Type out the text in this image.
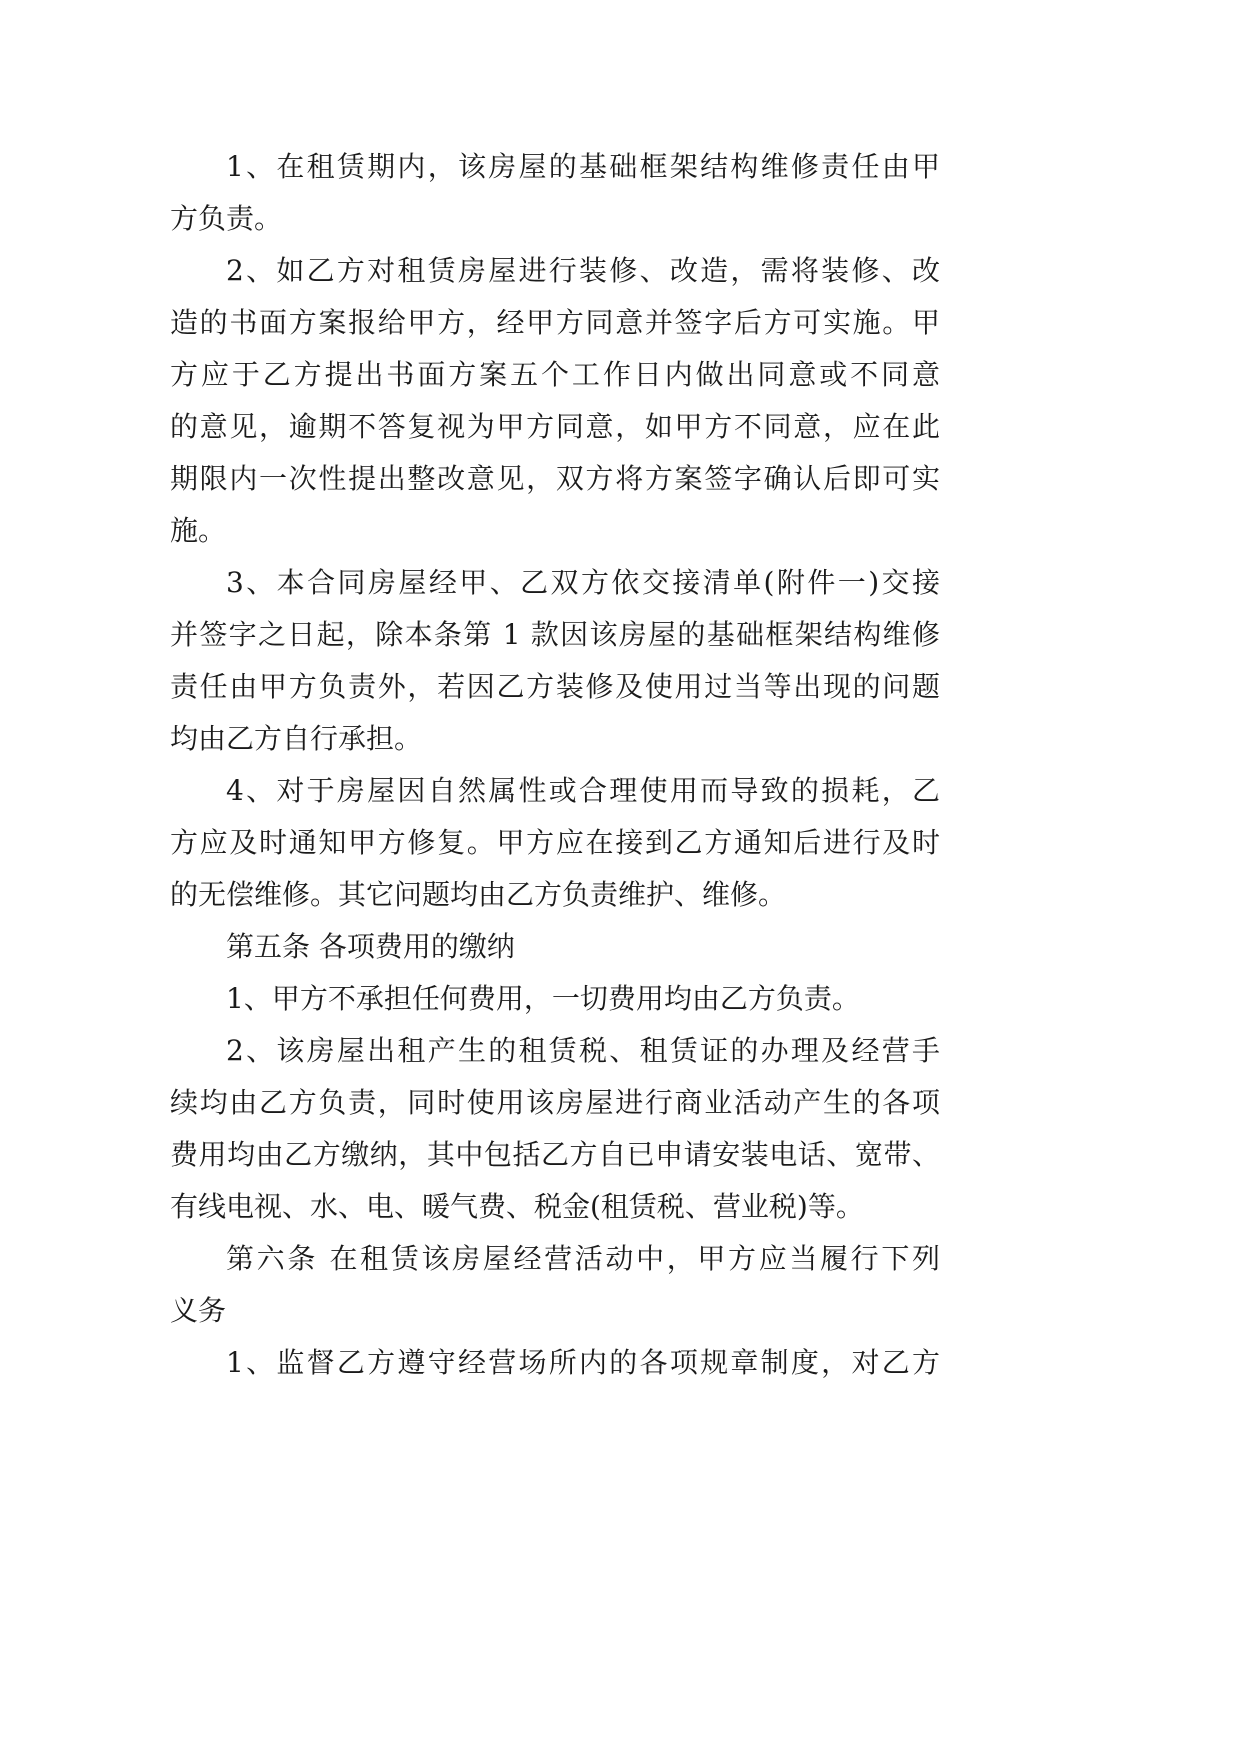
1、在租赁期内，该房屋的基础框架结构维修责任由甲
方负责。
2、如乙方对租赁房屋进行装修、改造，需将装修、改
造的书面方案报给甲方，经甲方同意并签字后方可实施。甲
方应于乙方提出书面方案五个工作日内做出同意或不同意
的意见，逾期不答复视为甲方同意，如甲方不同意，应在此
期限内一次性提出整改意见，双方将方案签字确认后即可实
施。
3、本合同房屋经甲、乙双方依交接清单(附件一)交接
并签字之日起，除本条第 1 款因该房屋的基础框架结构维修
责任由甲方负责外，若因乙方装修及使用过当等出现的问题
均由乙方自行承担。
4、对于房屋因自然属性或合理使用而导致的损耗，乙
方应及时通知甲方修复。甲方应在接到乙方通知后进行及时
的无偿维修。其它问题均由乙方负责维护、维修。
第五条 各项费用的缴纳
1、甲方不承担任何费用，一切费用均由乙方负责。
2、该房屋出租产生的租赁税、租赁证的办理及经营手
续均由乙方负责，同时使用该房屋进行商业活动产生的各项
费用均由乙方缴纳，其中包括乙方自已申请安装电话、宽带、
有线电视、水、电、暖气费、税金(租赁税、营业税)等。
第六条 在租赁该房屋经营活动中，甲方应当履行下列
义务
1、监督乙方遵守经营场所内的各项规章制度，对乙方
